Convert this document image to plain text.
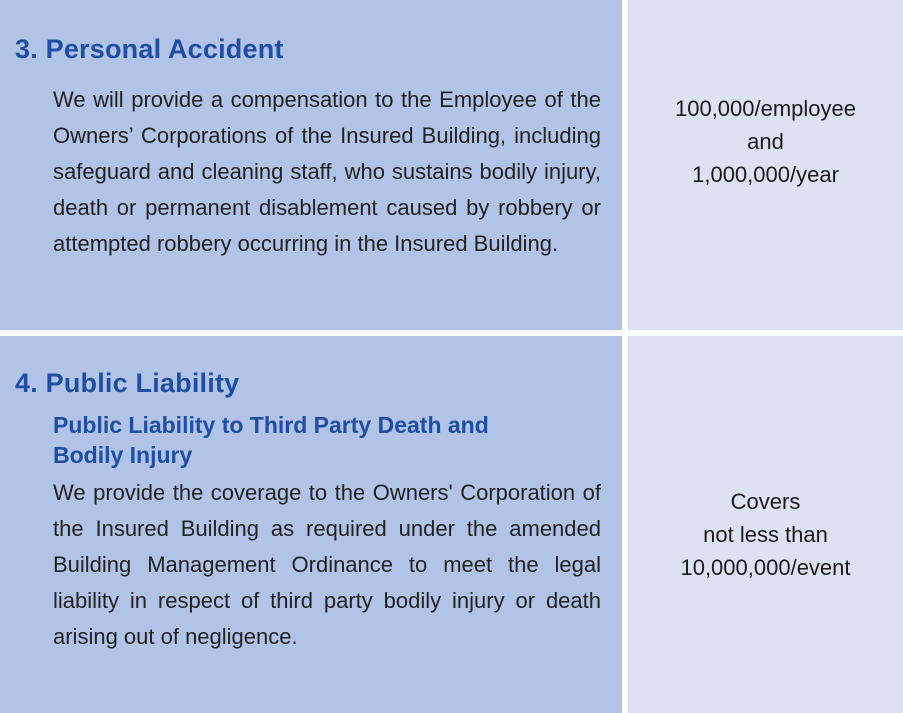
3. Personal Accident

We will provide a compensation to the Employee of the Owners’ Corporations of the Insured Building, including safeguard and cleaning staff, who sustains bodily injury, death or permanent disablement caused by robbery or attempted robbery occurring in the Insured Building.

100,000/employee
and
1,000,000/year
4. Public Liability
Public Liability to Third Party Death and Bodily Injury

We provide the coverage to the Owners' Corporation of the Insured Building as required under the amended Building Management Ordinance to meet the legal liability in respect of third party bodily injury or death arising out of negligence.

Covers
not less than
10,000,000/event
